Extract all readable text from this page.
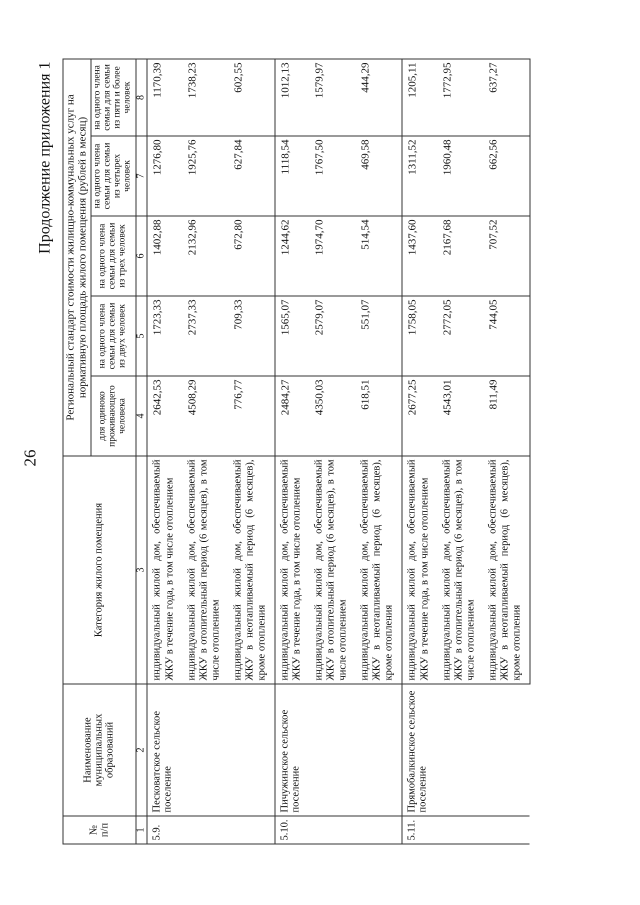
26
Продолжение приложения 1
№ п/п	Наименование муниципальных образований	Категория жилого помещения	Региональный стандарт стоимости жилищно-коммунальных услуг на нормативную площадь жилого помещения (рублей в месяц)				
			для одиноко проживающего человека	на одного члена семьи для семьи из двух человек	на одного члена семьи для семьи из трех человек	на одного члена семьи для семьи из четырех человек	на одного члена семьи для семьи из пяти и более человек
1	2	3	4	5	6	7	8
5.9.	Песковатское сельское поселение	индивидуальный жилой дом, обеспечиваемый ЖКУ в течение года, в том числе отоплением	2642,53	1723,33	1402,88	1276,80	1170,39
		индивидуальный жилой дом, обеспечиваемый ЖКУ в отопительный период (6 месяцев), в том числе отоплением	4508,29	2737,33	2132,96	1925,76	1738,23
		индивидуальный жилой дом, обеспечиваемый ЖКУ в неотапливаемый период (6 месяцев), кроме отопления	776,77	709,33	672,80	627,84	602,55
5.10.	Пичужинское сельское поселение	индивидуальный жилой дом, обеспечиваемый ЖКУ в течение года, в том числе отоплением	2484,27	1565,07	1244,62	1118,54	1012,13
		индивидуальный жилой дом, обеспечиваемый ЖКУ в отопительный период (6 месяцев), в том числе отоплением	4350,03	2579,07	1974,70	1767,50	1579,97
		индивидуальный жилой дом, обеспечиваемый ЖКУ в неотапливаемый период (6 месяцев), кроме отопления	618,51	551,07	514,54	469,58	444,29
5.11.	Прямобалкинское сельское поселение	индивидуальный жилой дом, обеспечиваемый ЖКУ в течение года, в том числе отоплением	2677,25	1758,05	1437,60	1311,52	1205,11
		индивидуальный жилой дом, обеспечиваемый ЖКУ в отопительный период (6 месяцев), в том числе отоплением	4543,01	2772,05	2167,68	1960,48	1772,95
		индивидуальный жилой дом, обеспечиваемый ЖКУ в неотапливаемый период (6 месяцев), кроме отопления	811,49	744,05	707,52	662,56	637,27
